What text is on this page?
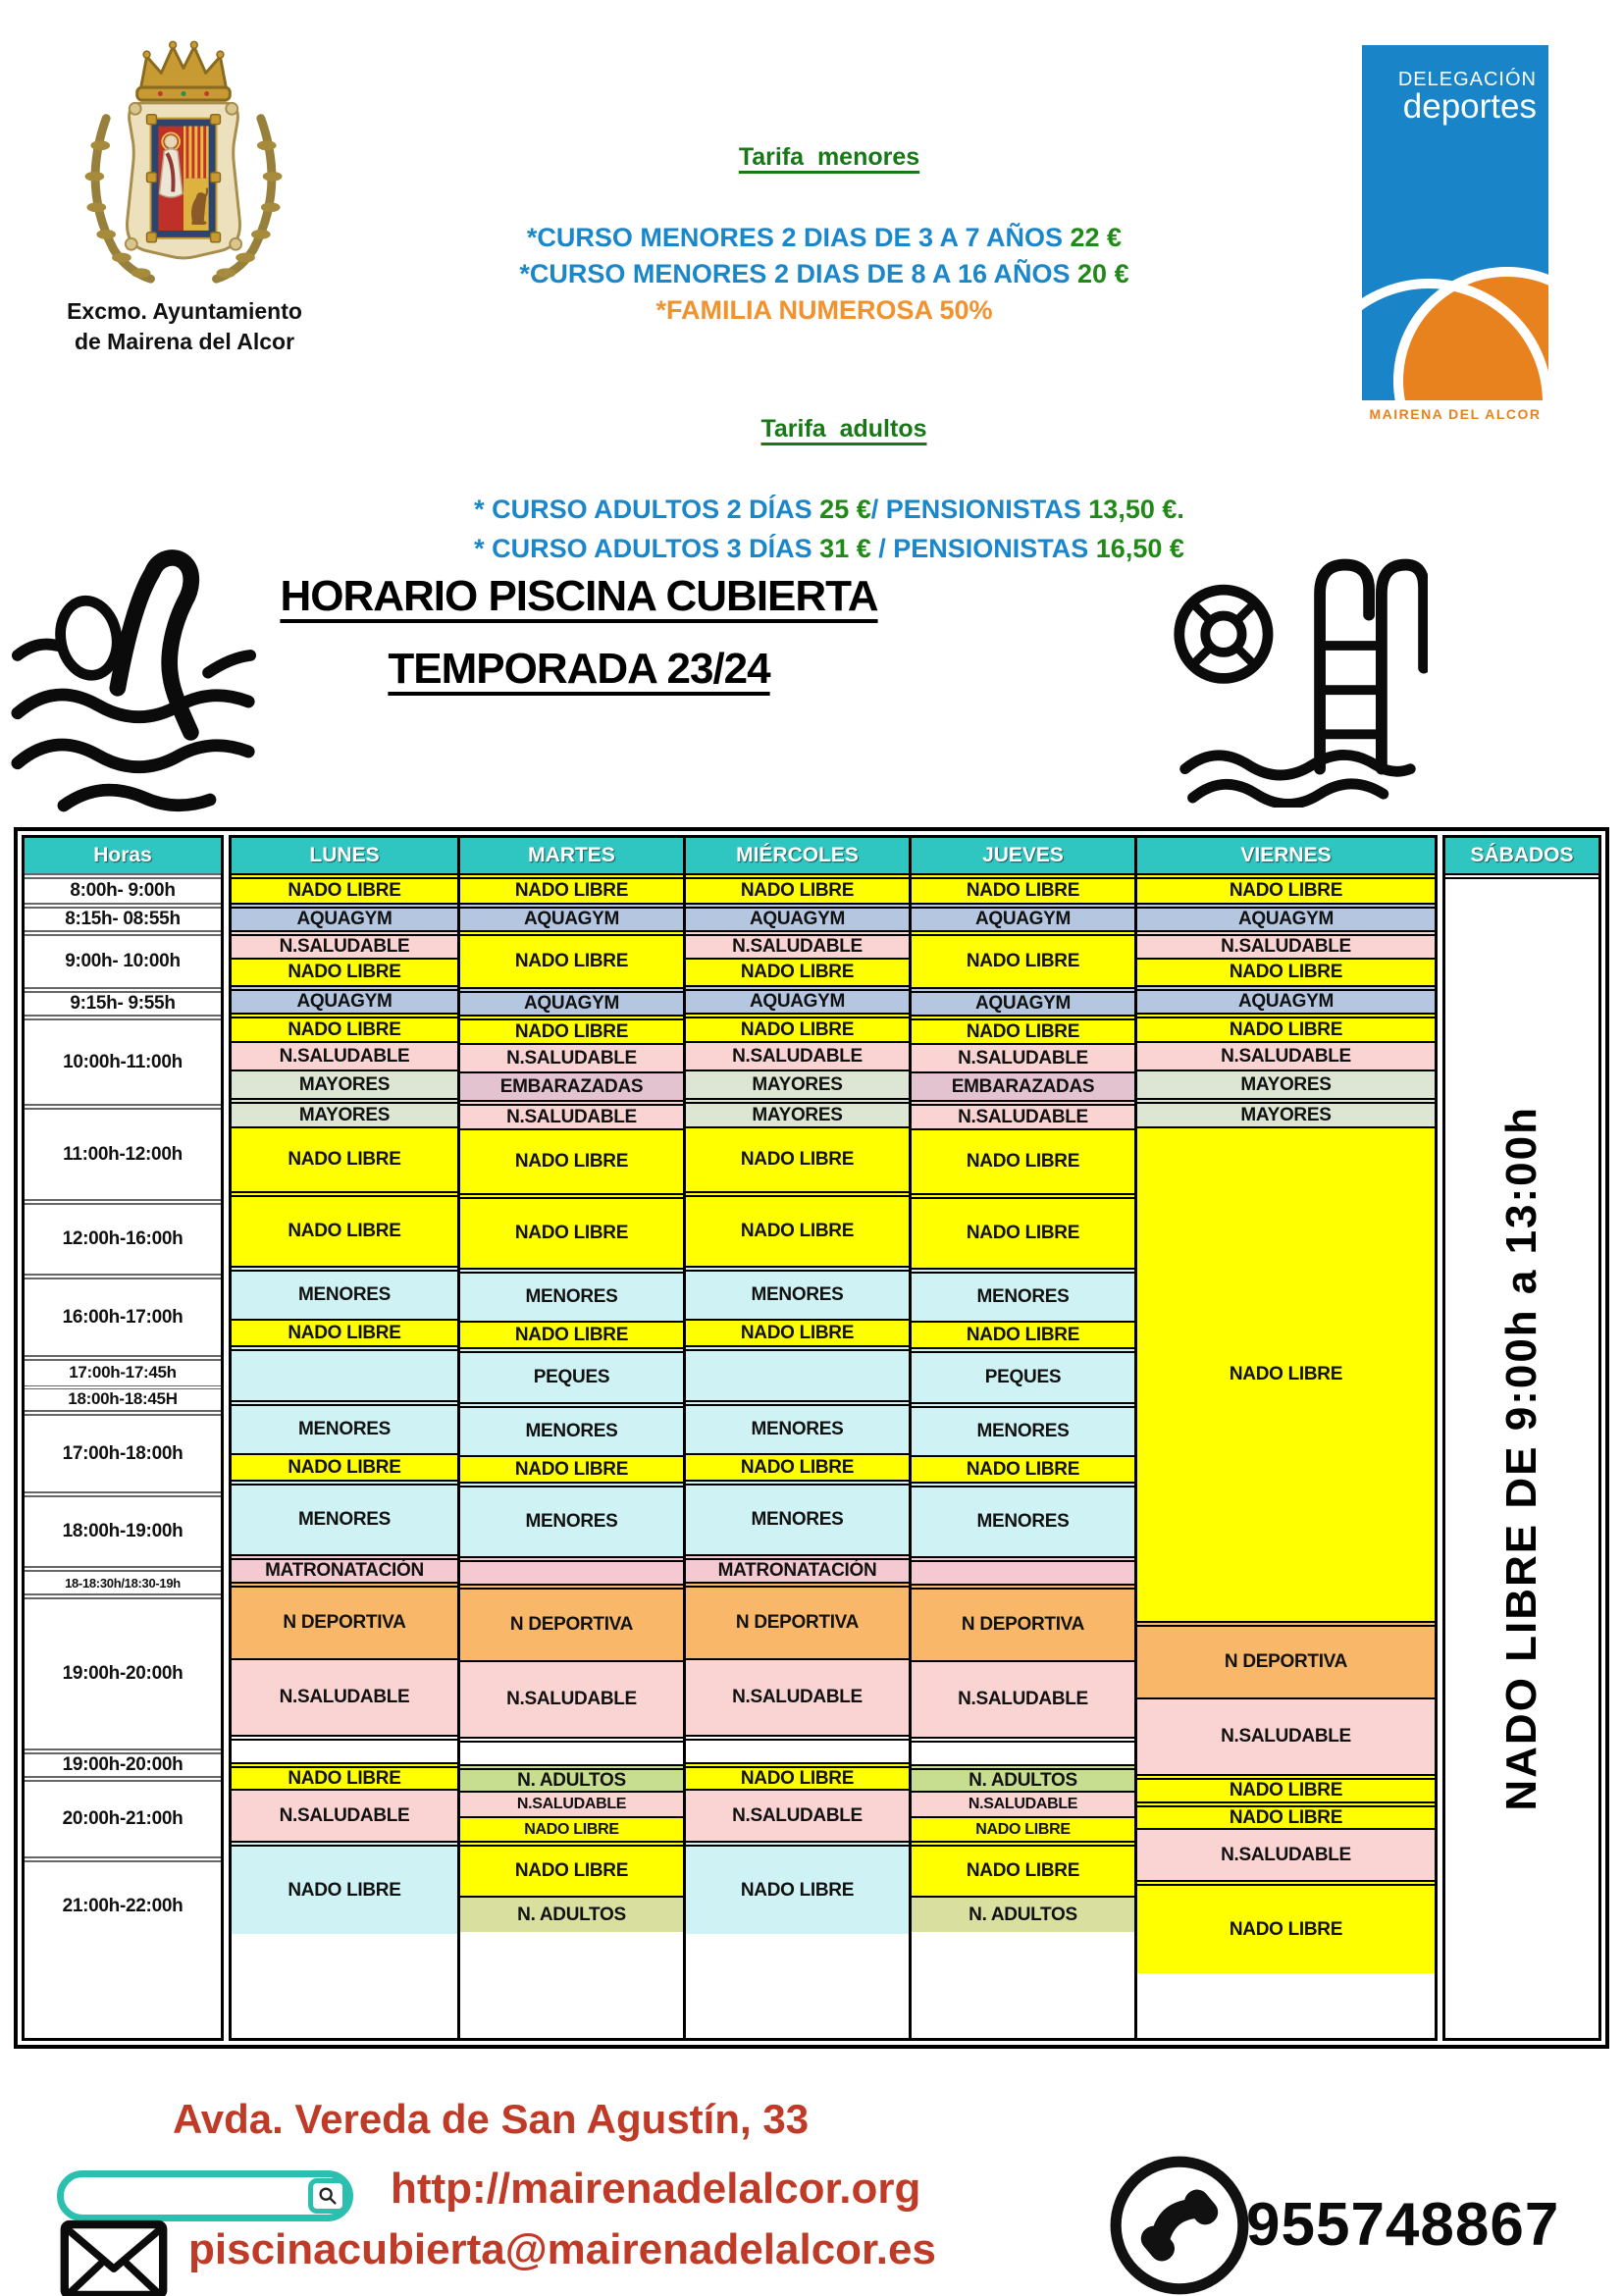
Excmo. Ayuntamiento
de Mairena del Alcor
DELEGACIÓN
deportes
MAIRENA DEL ALCOR
Tarifa  menores
*CURSO MENORES 2 DIAS DE 3 A 7 AÑOS 22 €
*CURSO MENORES 2 DIAS DE 8 A 16 AÑOS 20 €
*FAMILIA NUMEROSA 50%
Tarifa  adultos
* CURSO ADULTOS 2 DÍAS 25 €/ PENSIONISTAS 13,50 €.
* CURSO ADULTOS 3 DÍAS 31 € / PENSIONISTAS 16,50 €
HORARIO PISCINA CUBIERTA
TEMPORADA 23/24
Horas
8:00h- 9:00h
8:15h- 08:55h
9:00h- 10:00h
9:15h- 9:55h
10:00h-11:00h
11:00h-12:00h
12:00h-16:00h
16:00h-17:00h
17:00h-17:45h
18:00h-18:45H
17:00h-18:00h
18:00h-19:00h
18-18:30h/18:30-19h
19:00h-20:00h
19:00h-20:00h
20:00h-21:00h
21:00h-22:00h
LUNES
NADO LIBRE
AQUAGYM
N.SALUDABLE
NADO LIBRE
AQUAGYM
NADO LIBRE
N.SALUDABLE
MAYORES
MAYORES
NADO LIBRE
NADO LIBRE
MENORES
NADO LIBRE
MENORES
NADO LIBRE
MENORES
MATRONATACIÓN
N DEPORTIVA
N.SALUDABLE
NADO LIBRE
N.SALUDABLE
NADO LIBRE
MARTES
NADO LIBRE
AQUAGYM
NADO LIBRE
AQUAGYM
NADO LIBRE
N.SALUDABLE
EMBARAZADAS
N.SALUDABLE
NADO LIBRE
NADO LIBRE
MENORES
NADO LIBRE
PEQUES
MENORES
NADO LIBRE
MENORES
N DEPORTIVA
N.SALUDABLE
N. ADULTOS
N.SALUDABLE
NADO LIBRE
NADO LIBRE
N. ADULTOS
MIÉRCOLES
NADO LIBRE
AQUAGYM
N.SALUDABLE
NADO LIBRE
AQUAGYM
NADO LIBRE
N.SALUDABLE
MAYORES
MAYORES
NADO LIBRE
NADO LIBRE
MENORES
NADO LIBRE
MENORES
NADO LIBRE
MENORES
MATRONATACIÓN
N DEPORTIVA
N.SALUDABLE
NADO LIBRE
N.SALUDABLE
NADO LIBRE
JUEVES
NADO LIBRE
AQUAGYM
NADO LIBRE
AQUAGYM
NADO LIBRE
N.SALUDABLE
EMBARAZADAS
N.SALUDABLE
NADO LIBRE
NADO LIBRE
MENORES
NADO LIBRE
PEQUES
MENORES
NADO LIBRE
MENORES
N DEPORTIVA
N.SALUDABLE
N. ADULTOS
N.SALUDABLE
NADO LIBRE
NADO LIBRE
N. ADULTOS
VIERNES
NADO LIBRE
AQUAGYM
N.SALUDABLE
NADO LIBRE
AQUAGYM
NADO LIBRE
N.SALUDABLE
MAYORES
MAYORES
NADO LIBRE
N DEPORTIVA
N.SALUDABLE
NADO LIBRE
NADO LIBRE
N.SALUDABLE
NADO LIBRE
SÁBADOS
NADO LIBRE DE 9:00h a 13:00h
Avda. Vereda de San Agustín, 33
http://mairenadelalcor.org
piscinacubierta@mairenadelalcor.es	955748867
